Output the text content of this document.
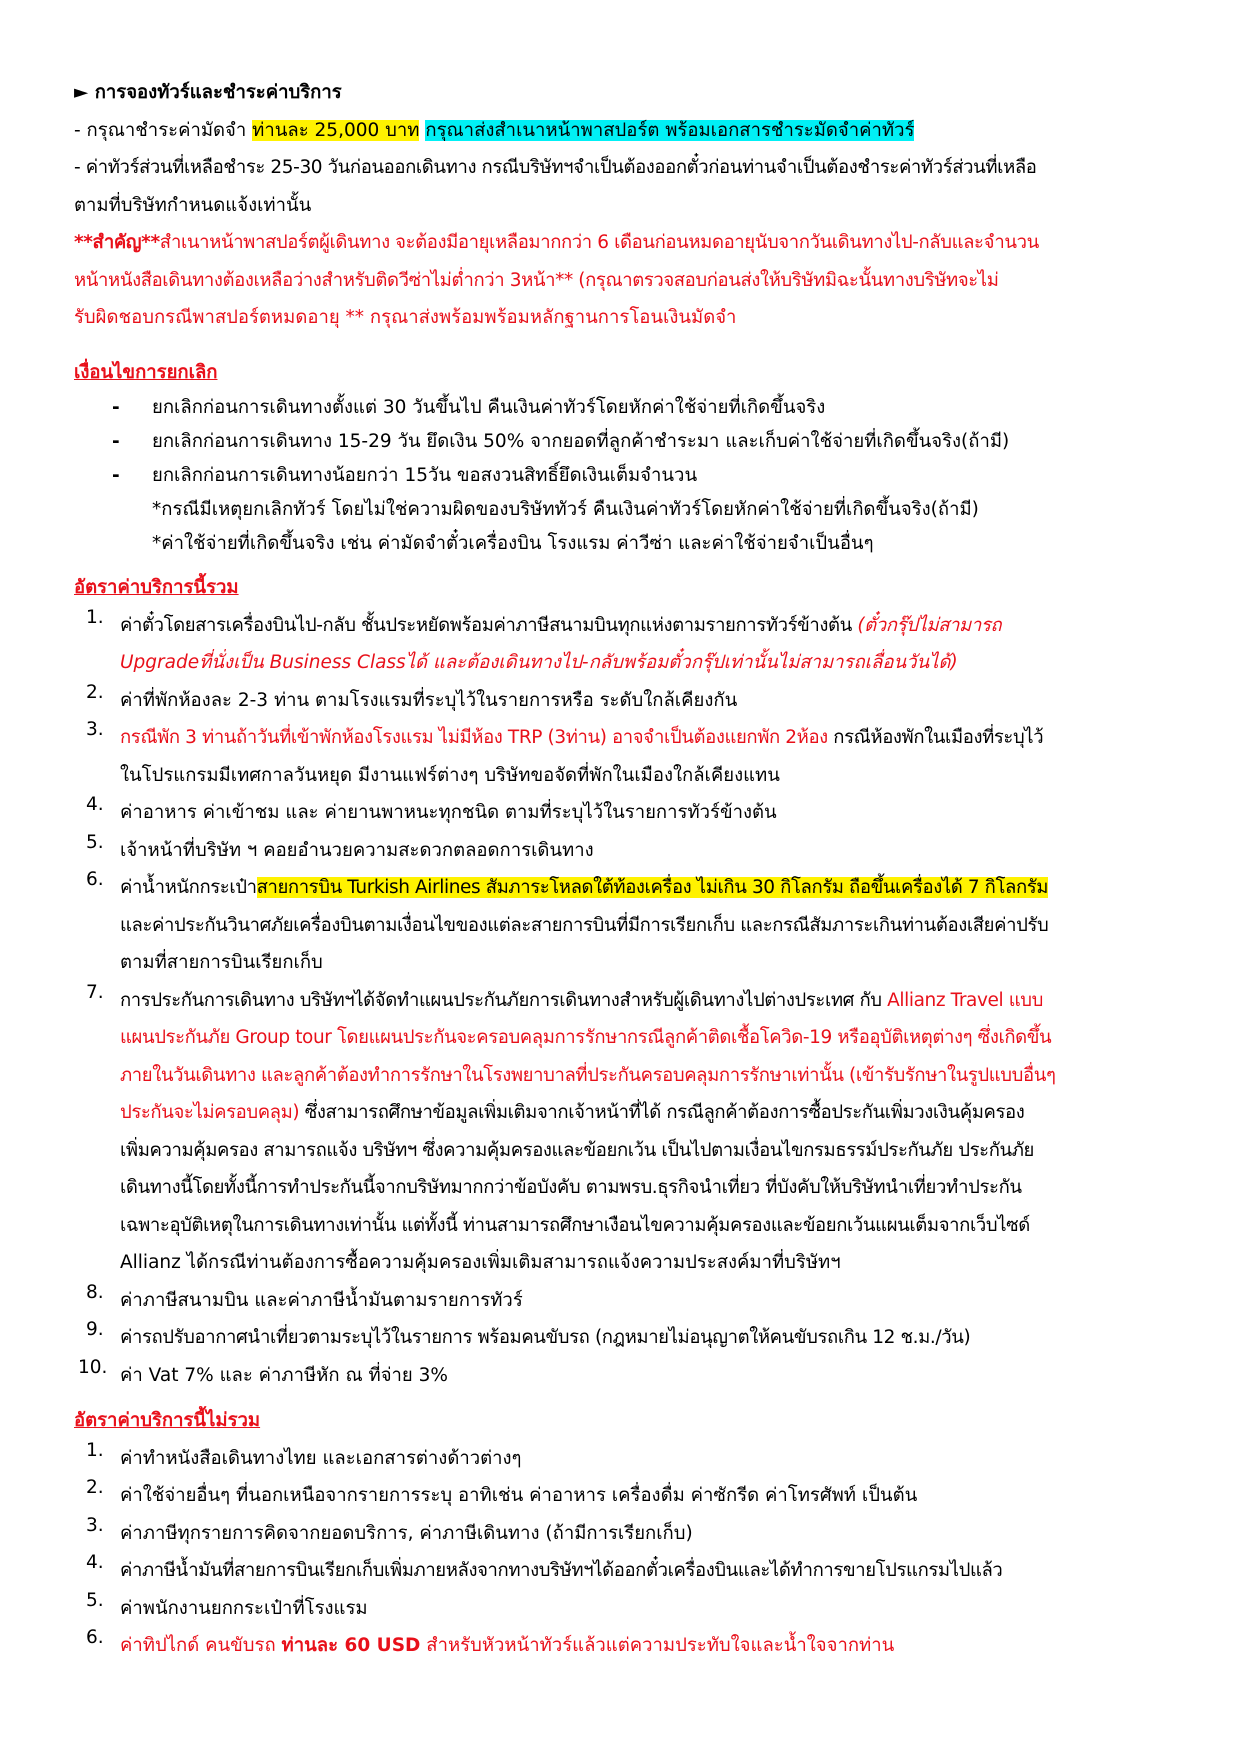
► การจองทัวร์และชำระค่าบริการ
- กรุณาชำระค่ามัดจำ ท่านละ 25,000 บาท กรุณาส่งสำเนาหน้าพาสปอร์ต พร้อมเอกสารชำระมัดจำค่าทัวร์
- ค่าทัวร์ส่วนที่เหลือชำระ 25-30 วันก่อนออกเดินทาง กรณีบริษัทฯจำเป็นต้องออกตั๋วก่อนท่านจำเป็นต้องชำระค่าทัวร์ส่วนที่เหลือ
ตามที่บริษัทกำหนดแจ้งเท่านั้น
**สำคัญ**สำเนาหน้าพาสปอร์ตผู้เดินทาง จะต้องมีอายุเหลือมากกว่า 6 เดือนก่อนหมดอายุนับจากวันเดินทางไป-กลับและจำนวน
หน้าหนังสือเดินทางต้องเหลือว่างสำหรับติดวีซ่าไม่ต่ำกว่า 3หน้า** (กรุณาตรวจสอบก่อนส่งให้บริษัทมิฉะนั้นทางบริษัทจะไม่
รับผิดชอบกรณีพาสปอร์ตหมดอายุ ** กรุณาส่งพร้อมพร้อมหลักฐานการโอนเงินมัดจำ
เงื่อนไขการยกเลิก
- ยกเลิกก่อนการเดินทางตั้งแต่ 30 วันขึ้นไป คืนเงินค่าทัวร์โดยหักค่าใช้จ่ายที่เกิดขึ้นจริง
- ยกเลิกก่อนการเดินทาง 15-29 วัน ยึดเงิน 50% จากยอดที่ลูกค้าชำระมา และเก็บค่าใช้จ่ายที่เกิดขึ้นจริง(ถ้ามี)
- ยกเลิกก่อนการเดินทางน้อยกว่า 15วัน ขอสงวนสิทธิ์ยึดเงินเต็มจำนวน
*กรณีมีเหตุยกเลิกทัวร์ โดยไม่ใช่ความผิดของบริษัททัวร์ คืนเงินค่าทัวร์โดยหักค่าใช้จ่ายที่เกิดขึ้นจริง(ถ้ามี)
*ค่าใช้จ่ายที่เกิดขึ้นจริง เช่น ค่ามัดจำตั๋วเครื่องบิน โรงแรม ค่าวีซ่า และค่าใช้จ่ายจำเป็นอื่นๆ
อัตราค่าบริการนี้รวม
1. ค่าตั๋วโดยสารเครื่องบินไป-กลับ ชั้นประหยัดพร้อมค่าภาษีสนามบินทุกแห่งตามรายการทัวร์ข้างต้น (ตั๋วกรุ๊ปไม่สามารถ
Upgradeที่นั่งเป็น Business Classได้ และต้องเดินทางไป-กลับพร้อมตั๋วกรุ๊ปเท่านั้นไม่สามารถเลื่อนวันได้)
2. ค่าที่พักห้องละ 2-3 ท่าน ตามโรงแรมที่ระบุไว้ในรายการหรือ ระดับใกล้เคียงกัน
3. กรณีพัก 3 ท่านถ้าวันที่เข้าพักห้องโรงแรม ไม่มีห้อง TRP (3ท่าน) อาจจำเป็นต้องแยกพัก 2ห้อง กรณีห้องพักในเมืองที่ระบุไว้
ในโปรแกรมมีเทศกาลวันหยุด มีงานแฟร์ต่างๆ บริษัทขอจัดที่พักในเมืองใกล้เคียงแทน
4. ค่าอาหาร ค่าเข้าชม และ ค่ายานพาหนะทุกชนิด ตามที่ระบุไว้ในรายการทัวร์ข้างต้น
5. เจ้าหน้าที่บริษัท ฯ คอยอำนวยความสะดวกตลอดการเดินทาง
6. ค่าน้ำหนักกระเป๋าสายการบิน Turkish Airlines สัมภาระโหลดใต้ท้องเครื่อง ไม่เกิน 30 กิโลกรัม ถือขึ้นเครื่องได้ 7 กิโลกรัม
และค่าประกันวินาศภัยเครื่องบินตามเงื่อนไขของแต่ละสายการบินที่มีการเรียกเก็บ และกรณีสัมภาระเกินท่านต้องเสียค่าปรับ
ตามที่สายการบินเรียกเก็บ
7. การประกันการเดินทาง บริษัทฯได้จัดทำแผนประกันภัยการเดินทางสำหรับผู้เดินทางไปต่างประเทศ กับ Allianz Travel แบบ
แผนประกันภัย Group tour โดยแผนประกันจะครอบคลุมการรักษากรณีลูกค้าติดเชื้อโควิด-19 หรืออุบัติเหตุต่างๆ ซึ่งเกิดขึ้น
ภายในวันเดินทาง และลูกค้าต้องทำการรักษาในโรงพยาบาลที่ประกันครอบคลุมการรักษาเท่านั้น (เข้ารับรักษาในรูปแบบอื่นๆ
ประกันจะไม่ครอบคลุม) ซึ่งสามารถศึกษาข้อมูลเพิ่มเติมจากเจ้าหน้าที่ได้ กรณีลูกค้าต้องการซื้อประกันเพิ่มวงเงินคุ้มครอง
เพิ่มความคุ้มครอง สามารถแจ้ง บริษัทฯ ซึ่งความคุ้มครองและข้อยกเว้น เป็นไปตามเงื่อนไขกรมธรรม์ประกันภัย ประกันภัย
เดินทางนี้โดยทั้งนี้การทำประกันนี้จากบริษัทมากกว่าข้อบังคับ ตามพรบ.ธุรกิจนำเที่ยว ที่บังคับให้บริษัทนำเที่ยวทำประกัน
เฉพาะอุบัติเหตุในการเดินทางเท่านั้น แต่ทั้งนี้ ท่านสามารถศึกษาเงือนไขความคุ้มครองและข้อยกเว้นแผนเต็มจากเว็บไซด์
Allianz ได้กรณีท่านต้องการซื้อความคุ้มครองเพิ่มเติมสามารถแจ้งความประสงค์มาที่บริษัทฯ
8. ค่าภาษีสนามบิน และค่าภาษีน้ำมันตามรายการทัวร์
9. ค่ารถปรับอากาศนำเที่ยวตามระบุไว้ในรายการ พร้อมคนขับรถ (กฎหมายไม่อนุญาตให้คนขับรถเกิน 12 ช.ม./วัน)
10. ค่า Vat 7% และ ค่าภาษีหัก ณ ที่จ่าย 3%
อัตราค่าบริการนี้ไม่รวม
1. ค่าทำหนังสือเดินทางไทย และเอกสารต่างด้าวต่างๆ
2. ค่าใช้จ่ายอื่นๆ ที่นอกเหนือจากรายการระบุ อาทิเช่น ค่าอาหาร เครื่องดื่ม ค่าซักรีด ค่าโทรศัพท์ เป็นต้น
3. ค่าภาษีทุกรายการคิดจากยอดบริการ, ค่าภาษีเดินทาง (ถ้ามีการเรียกเก็บ)
4. ค่าภาษีน้ำมันที่สายการบินเรียกเก็บเพิ่มภายหลังจากทางบริษัทฯได้ออกตั๋วเครื่องบินและได้ทำการขายโปรแกรมไปแล้ว
5. ค่าพนักงานยกกระเป๋าที่โรงแรม
6. ค่าทิปไกด์ คนขับรถ ท่านละ 60 USD สำหรับหัวหน้าทัวร์แล้วแต่ความประทับใจและน้ำใจจากท่าน
